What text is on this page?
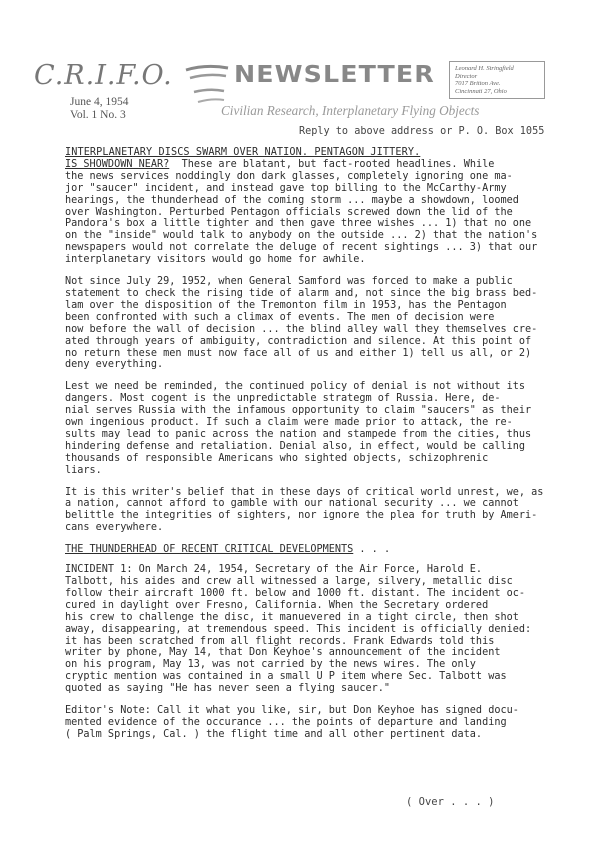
C.R.I.F.O.	NEWSLETTER
June 4, 1954
Vol. 1 No. 3
Leonard H. Stringfield
Director
7017 Britton Ave.
Cincinnati 27, Ohio
Civilian Research, Interplanetary Flying Objects
Reply to above address or P. O. Box 1055
INTERPLANETARY DISCS SWARM OVER NATION. PENTAGON JITTERY.
IS SHOWDOWN NEAR? These are blatant, but fact-rooted headlines. While
the news services noddingly don dark glasses, completely ignoring one ma-
jor "saucer" incident, and instead gave top billing to the McCarthy-Army
hearings, the thunderhead of the coming storm ... maybe a showdown, loomed
over Washington. Perturbed Pentagon officials screwed down the lid of the
Pandora's box a little tighter and then gave three wishes ... 1) that no one
on the "inside" would talk to anybody on the outside ... 2) that the nation's
newspapers would not correlate the deluge of recent sightings ... 3) that our
interplanetary visitors would go home for awhile.
Not since July 29, 1952, when General Samford was forced to make a public
statement to check the rising tide of alarm and, not since the big brass bed-
lam over the disposition of the Tremonton film in 1953, has the Pentagon
been confronted with such a climax of events. The men of decision were
now before the wall of decision ... the blind alley wall they themselves cre-
ated through years of ambiguity, contradiction and silence. At this point of
no return these men must now face all of us and either 1) tell us all, or 2)
deny everything.
Lest we need be reminded, the continued policy of denial is not without its
dangers. Most cogent is the unpredictable strategm of Russia. Here, de-
nial serves Russia with the infamous opportunity to claim "saucers" as their
own ingenious product. If such a claim were made prior to attack, the re-
sults may lead to panic across the nation and stampede from the cities, thus
hindering defense and retaliation. Denial also, in effect, would be calling
thousands of responsible Americans who sighted objects, schizophrenic
liars.
It is this writer's belief that in these days of critical world unrest, we, as
a nation, cannot afford to gamble with our national security ... we cannot
belittle the integrities of sighters, nor ignore the plea for truth by Ameri-
cans everywhere.
THE THUNDERHEAD OF RECENT CRITICAL DEVELOPMENTS . . .
INCIDENT 1: On March 24, 1954, Secretary of the Air Force, Harold E.
Talbott, his aides and crew all witnessed a large, silvery, metallic disc
follow their aircraft 1000 ft. below and 1000 ft. distant. The incident oc-
cured in daylight over Fresno, California. When the Secretary ordered
his crew to challenge the disc, it manuevered in a tight circle, then shot
away, disappearing, at tremendous speed. This incident is officially denied:
it has been scratched from all flight records. Frank Edwards told this
writer by phone, May 14, that Don Keyhoe's announcement of the incident
on his program, May 13, was not carried by the news wires. The only
cryptic mention was contained in a small U P item where Sec. Talbott was
quoted as saying "He has never seen a flying saucer."
Editor's Note: Call it what you like, sir, but Don Keyhoe has signed docu-
mented evidence of the occurance ... the points of departure and landing
( Palm Springs, Cal. ) the flight time and all other pertinent data.
( Over . . . )
